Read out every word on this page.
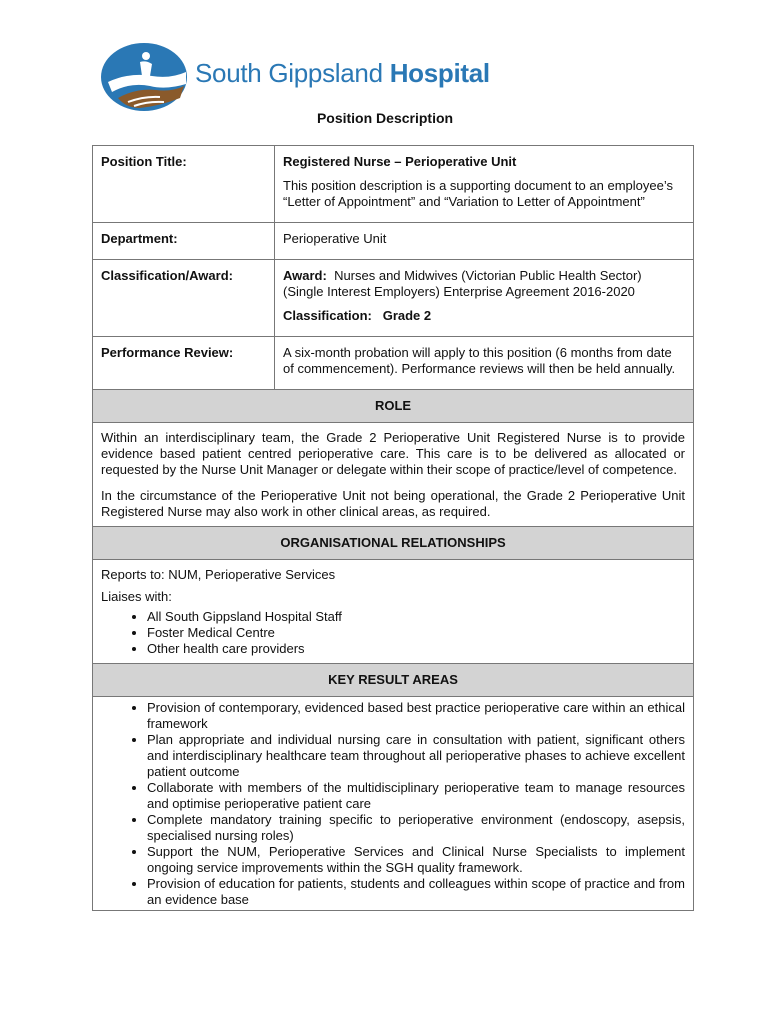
South Gippsland Hospital
Position Description
Position Title:	Registered Nurse – Perioperative Unit

This position description is a supporting document to an employee’s “Letter of Appointment” and “Variation to Letter of Appointment”

Department:	Perioperative Unit

Classification/Award:	Award: Nurses and Midwives (Victorian Public Health Sector) (Single Interest Employers) Enterprise Agreement 2016-2020

Classification: Grade 2

Performance Review:	A six-month probation will apply to this position (6 months from date of commencement). Performance reviews will then be held annually.

ROLE

Within an interdisciplinary team, the Grade 2 Perioperative Unit Registered Nurse is to provide evidence based patient centred perioperative care. This care is to be delivered as allocated or requested by the Nurse Unit Manager or delegate within their scope of practice/level of competence.

In the circumstance of the Perioperative Unit not being operational, the Grade 2 Perioperative Unit Registered Nurse may also work in other clinical areas, as required.

ORGANISATIONAL RELATIONSHIPS

Reports to: NUM, Perioperative Services

Liaises with:

• All South Gippsland Hospital Staff
• Foster Medical Centre
• Other health care providers
KEY RESULT AREAS
• Provision of contemporary, evidenced based best practice perioperative care within an ethical framework
• Plan appropriate and individual nursing care in consultation with patient, significant others and interdisciplinary healthcare team throughout all perioperative phases to achieve excellent patient outcome
• Collaborate with members of the multidisciplinary perioperative team to manage resources and optimise perioperative patient care
• Complete mandatory training specific to perioperative environment (endoscopy, asepsis, specialised nursing roles)
• Support the NUM, Perioperative Services and Clinical Nurse Specialists to implement ongoing service improvements within the SGH quality framework.
• Provision of education for patients, students and colleagues within scope of practice and from an evidence base
